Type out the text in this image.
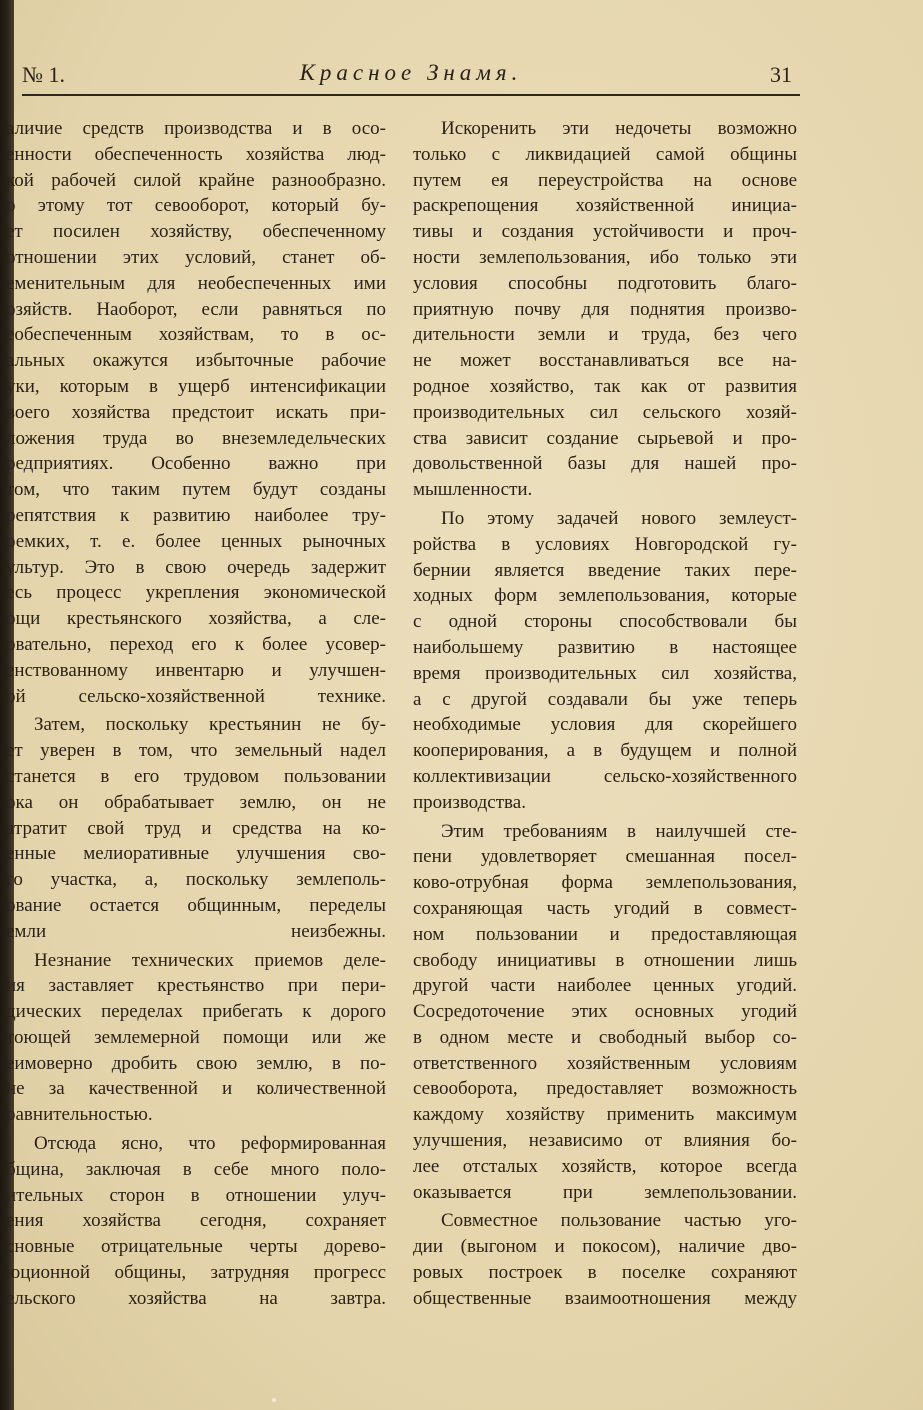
№ 1.	Красное Знамя.	31

аличие средств производства и в осо-
енности обеспеченность хозяйства люд-
кой рабочей силой крайне разнообразно.
о этому тот севооборот, который бу-
ет посилен хозяйству, обеспеченному
отношении этих условий, станет об-
еменительным для необеспеченных ими
озяйств. Наоборот, если равняться по
еобеспеченным хозяйствам, то в ос-
альных окажутся избыточные рабочие
уки, которым в ущерб интенсификации
воего хозяйства предстоит искать при-
ложения труда во внеземледельческих
редприятиях. Особенно важно при
том, что таким путем будут созданы
репятствия к развитию наиболее тру-
оемких, т. е. более ценных рыночных
ультур. Это в свою очередь задержит
есь процесс укрепления экономической
ощи крестьянского хозяйства, а сле-
овательно, переход его к более усовер-
енствованному инвентарю и улучшен-
ой сельско-хозяйственной технике.

Затем, поскольку крестьянин не бу-
ет уверен в том, что земельный надел
станется в его трудовом пользовании
ока он обрабатывает землю, он не
атратит свой труд и средства на ко-
енные мелиоративные улучшения сво-
го участка, а, поскольку землеполь-
ование остается общинным, переделы
емли неизбежны.

Незнание технических приемов деле-
ия заставляет крестьянство при пери-
дических переделах прибегать к дорого
тоющей землемерной помощи или же
еимоверно дробить свою землю, в по-
не за качественной и количественной
равнительностью.

Отсюда ясно, что реформированная
бщина, заключая в себе много поло-
ительных сторон в отношении улуч-
ения хозяйства сегодня, сохраняет
сновные отрицательные черты дорево-
юционной общины, затрудняя прогресс
ельского хозяйства на завтра.

Искоренить эти недочеты возможно
только с ликвидацией самой общины
путем ея переустройства на основе
раскрепощения хозяйственной инициа-
тивы и создания устойчивости и проч-
ности землепользования, ибо только эти
условия способны подготовить благо-
приятную почву для поднятия произво-
дительности земли и труда, без чего
не может восстанавливаться все на-
родное хозяйство, так как от развития
производительных сил сельского хозяй-
ства зависит создание сырьевой и про-
довольственной базы для нашей про-
мышленности.

По этому задачей нового землеуст-
ройства в условиях Новгородской гу-
бернии является введение таких пере-
ходных форм землепользования, которые
с одной стороны способствовали бы
наибольшему развитию в настоящее
время производительных сил хозяйства,
а с другой создавали бы уже теперь
необходимые условия для скорейшего
кооперирования, а в будущем и полной
коллективизации сельско-хозяйственного
производства.

Этим требованиям в наилучшей сте-
пени удовлетворяет смешанная посел-
ково-отрубная форма землепользования,
сохраняющая часть угодий в совмест-
ном пользовании и предоставляющая
свободу инициативы в отношении лишь
другой части наиболее ценных угодий.
Сосредоточение этих основных угодий
в одном месте и свободный выбор со-
ответственного хозяйственным условиям
севооборота, предоставляет возможность
каждому хозяйству применить максимум
улучшения, независимо от влияния бо-
лее отсталых хозяйств, которое всегда
оказывается при землепользовании.

Совместное пользование частью уго-
дии (выгоном и покосом), наличие дво-
ровых построек в поселке сохраняют
общественные взаимоотношения между
